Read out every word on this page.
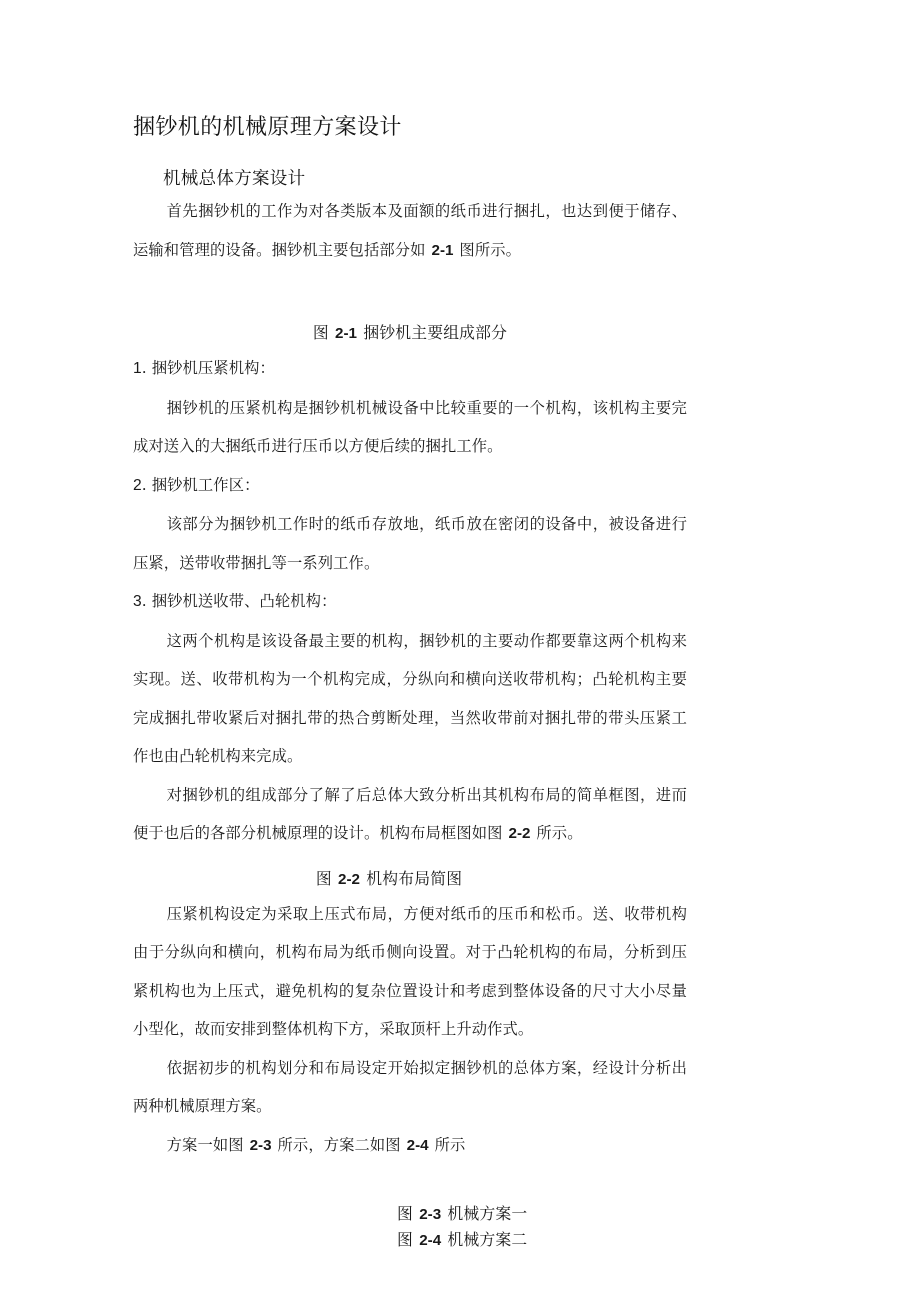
捆钞机的机械原理方案设计
机械总体方案设计

首先捆钞机的工作为对各类版本及面额的纸币进行捆扎，也达到便于储存、运输和管理的设备。捆钞机主要包括部分如 2-1 图所示。

图 2-1 捆钞机主要组成部分

1. 捆钞机压紧机构：

捆钞机的压紧机构是捆钞机机械设备中比较重要的一个机构，该机构主要完成对送入的大捆纸币进行压币以方便后续的捆扎工作。

2. 捆钞机工作区：

该部分为捆钞机工作时的纸币存放地，纸币放在密闭的设备中，被设备进行压紧，送带收带捆扎等一系列工作。

3. 捆钞机送收带、凸轮机构：

这两个机构是该设备最主要的机构，捆钞机的主要动作都要靠这两个机构来实现。送、收带机构为一个机构完成，分纵向和横向送收带机构；凸轮机构主要完成捆扎带收紧后对捆扎带的热合剪断处理，当然收带前对捆扎带的带头压紧工作也由凸轮机构来完成。

对捆钞机的组成部分了解了后总体大致分析出其机构布局的简单框图，进而便于也后的各部分机械原理的设计。机构布局框图如图 2-2 所示。

图 2-2 机构布局简图

压紧机构设定为采取上压式布局，方便对纸币的压币和松币。送、收带机构由于分纵向和横向，机构布局为纸币侧向设置。对于凸轮机构的布局，分析到压紧机构也为上压式，避免机构的复杂位置设计和考虑到整体设备的尺寸大小尽量小型化，故而安排到整体机构下方，采取顶杆上升动作式。

依据初步的机构划分和布局设定开始拟定捆钞机的总体方案，经设计分析出两种机械原理方案。

方案一如图 2-3 所示，方案二如图 2-4 所示

图 2-3 机械方案一

图 2-4 机械方案二
